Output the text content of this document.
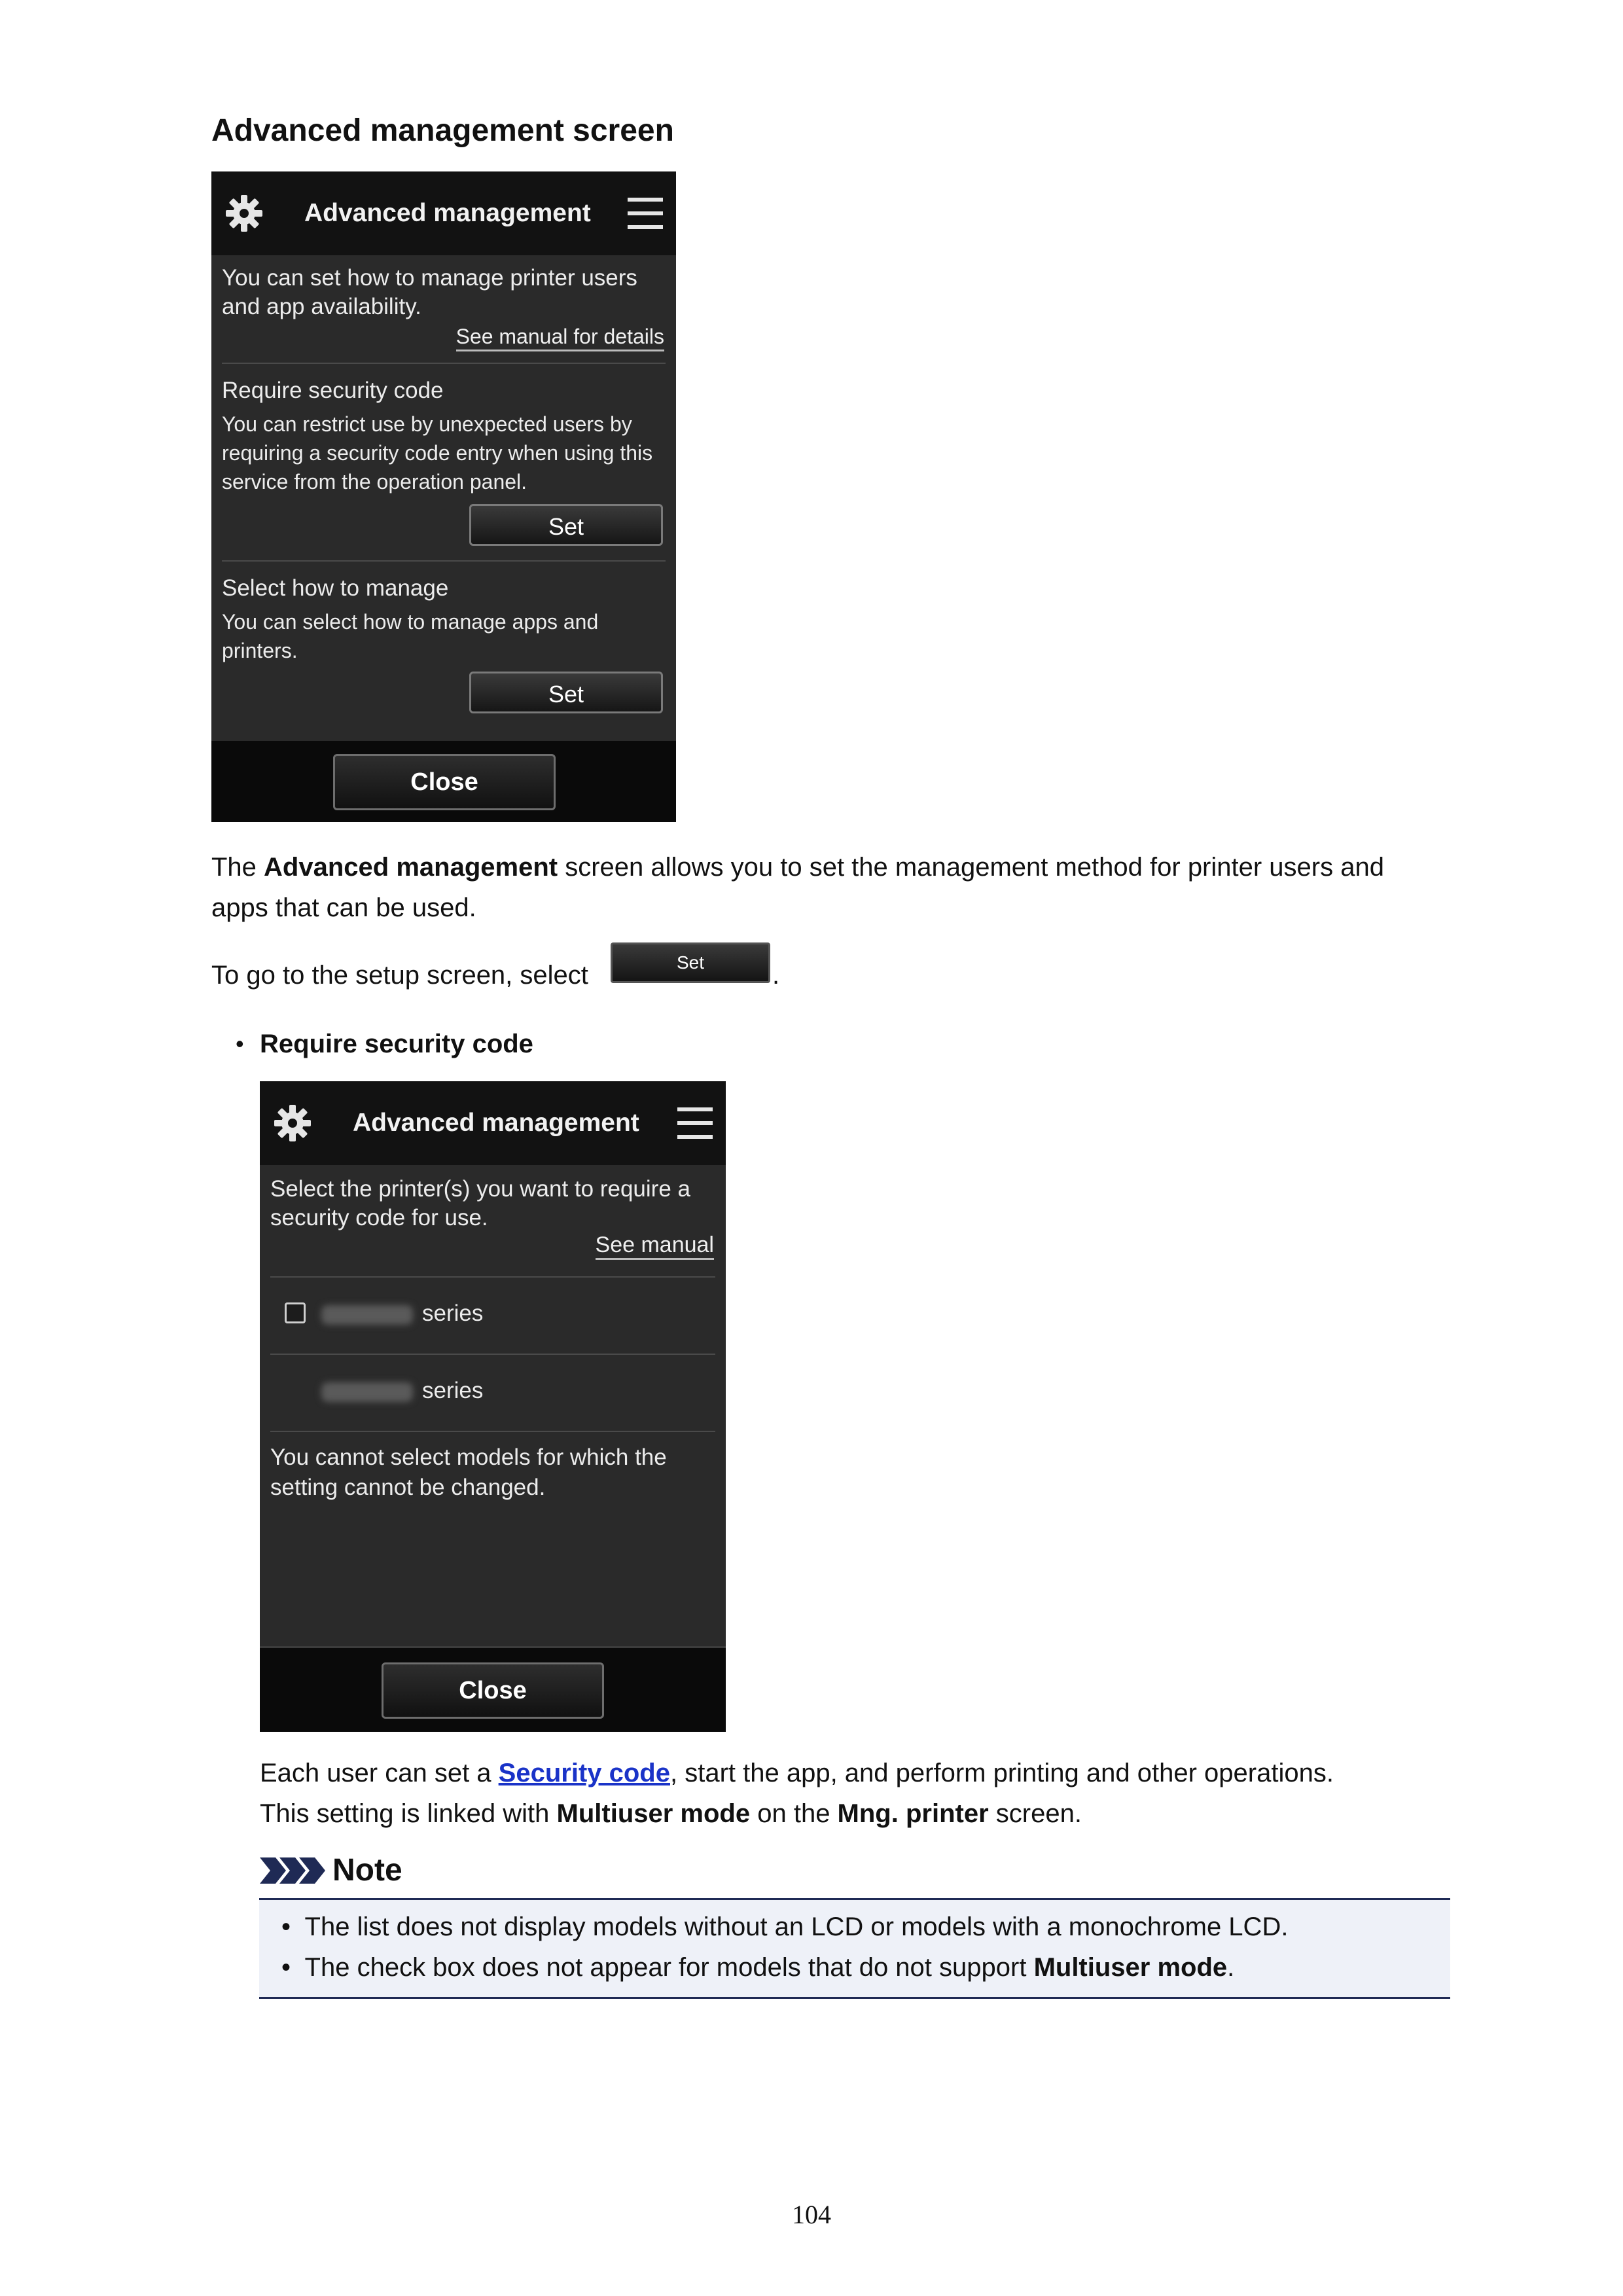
Advanced management screen
Advanced management
You can set how to manage printer users
and app availability.
See manual for details
Require security code
You can restrict use by unexpected users by
requiring a security code entry when using this
service from the operation panel.
Set
Select how to manage
You can select how to manage apps and
printers.
Set
Close

The Advanced management screen allows you to set the management method for printer users and
apps that can be used.

To go to the setup screen, select	Set	.
• Require security code
Advanced management
Select the printer(s) you want to require a
security code for use.
See manual
series
series
You cannot select models for which the
setting cannot be changed.
Close

Each user can set a Security code, start the app, and perform printing and other operations.
This setting is linked with Multiuser mode on the Mng. printer screen.

Note
• The list does not display models without an LCD or models with a monochrome LCD.
• The check box does not appear for models that do not support Multiuser mode.
104
